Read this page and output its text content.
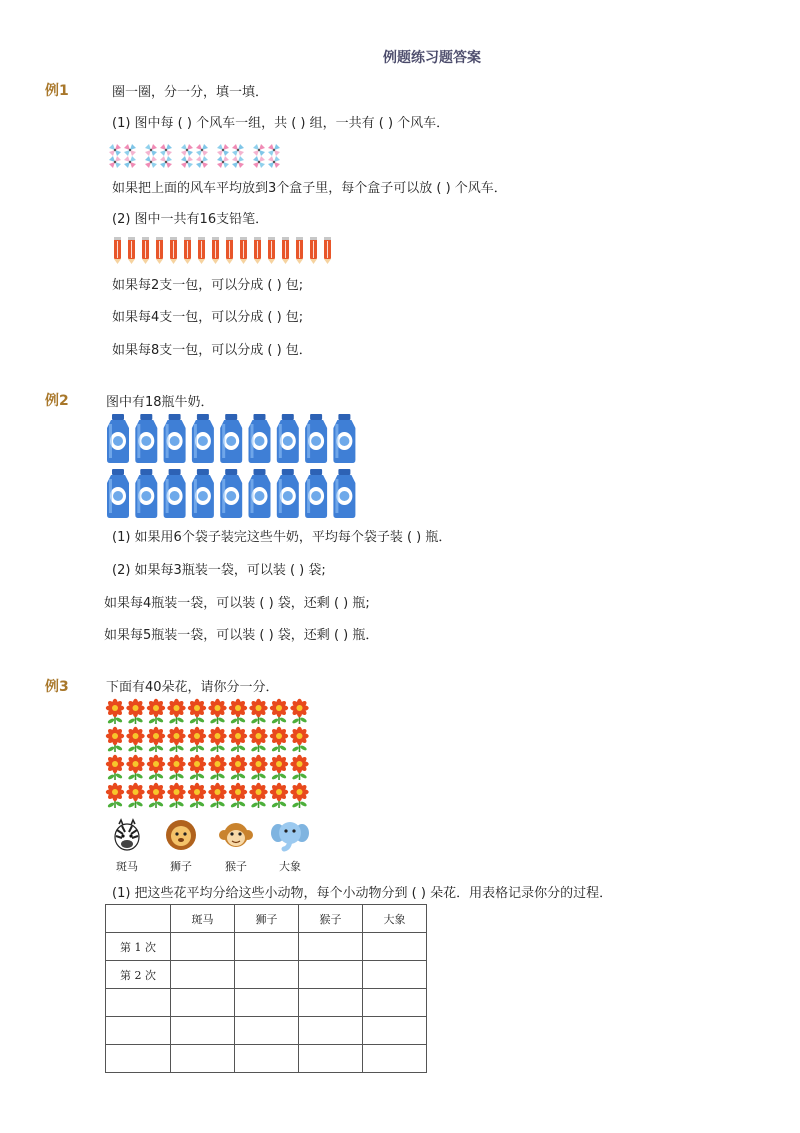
例题练习题答案
例1	圈一圈，分一分，填一填．
(1) 图中每 ( ) 个风车一组，共 ( ) 组，一共有 ( ) 个风车．
如果把上面的风车平均放到3个盒子里，每个盒子可以放 ( ) 个风车．
(2) 图中一共有16支铅笔．
如果每2支一包，可以分成 ( ) 包;
如果每4支一包，可以分成 ( ) 包;
如果每8支一包，可以分成 ( ) 包．
例2	图中有18瓶牛奶．
(1) 如果用6个袋子装完这些牛奶，平均每个袋子装 ( ) 瓶．
(2) 如果每3瓶装一袋，可以装 ( ) 袋;
如果每4瓶装一袋，可以装 ( ) 袋，还剩 ( ) 瓶;
如果每5瓶装一袋，可以装 ( ) 袋，还剩 ( ) 瓶．
例3	下面有40朵花，请你分一分．
斑马	狮子	猴子	大象
(1) 把这些花平均分给这些小动物，每个小动物分到 ( ) 朵花．用表格记录你分的过程．
	斑马	狮子	猴子	大象
第 1 次				
第 2 次				
